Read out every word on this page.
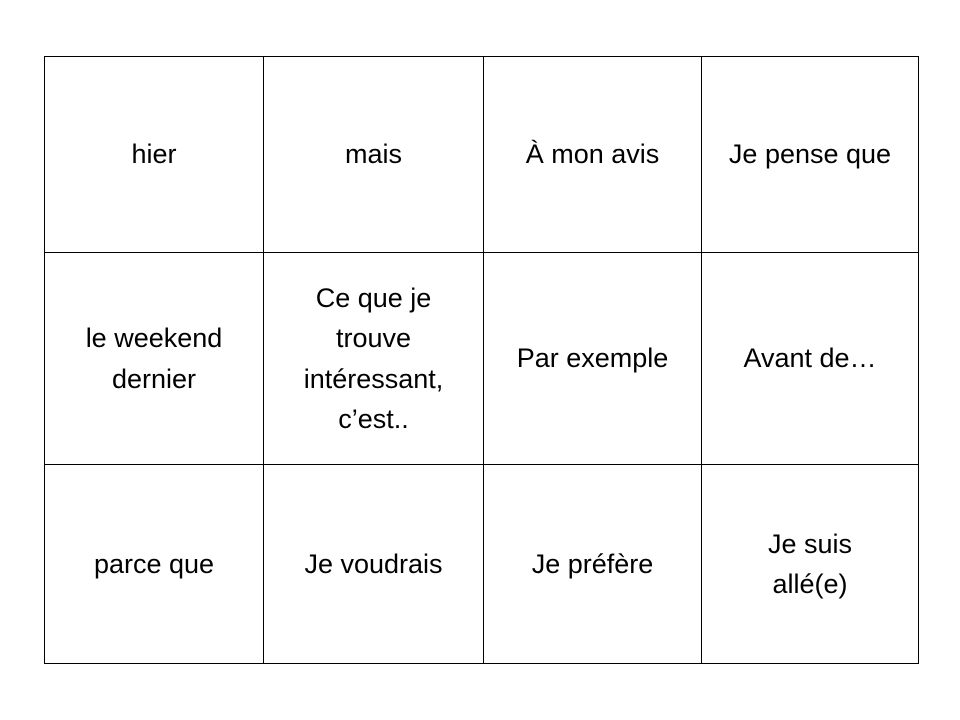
hier	mais	À mon avis	Je pense que
le weekend dernier	Ce que je trouve intéressant, c’est..	Par exemple	Avant de…
parce que	Je voudrais	Je préfère	Je suis allé(e)
